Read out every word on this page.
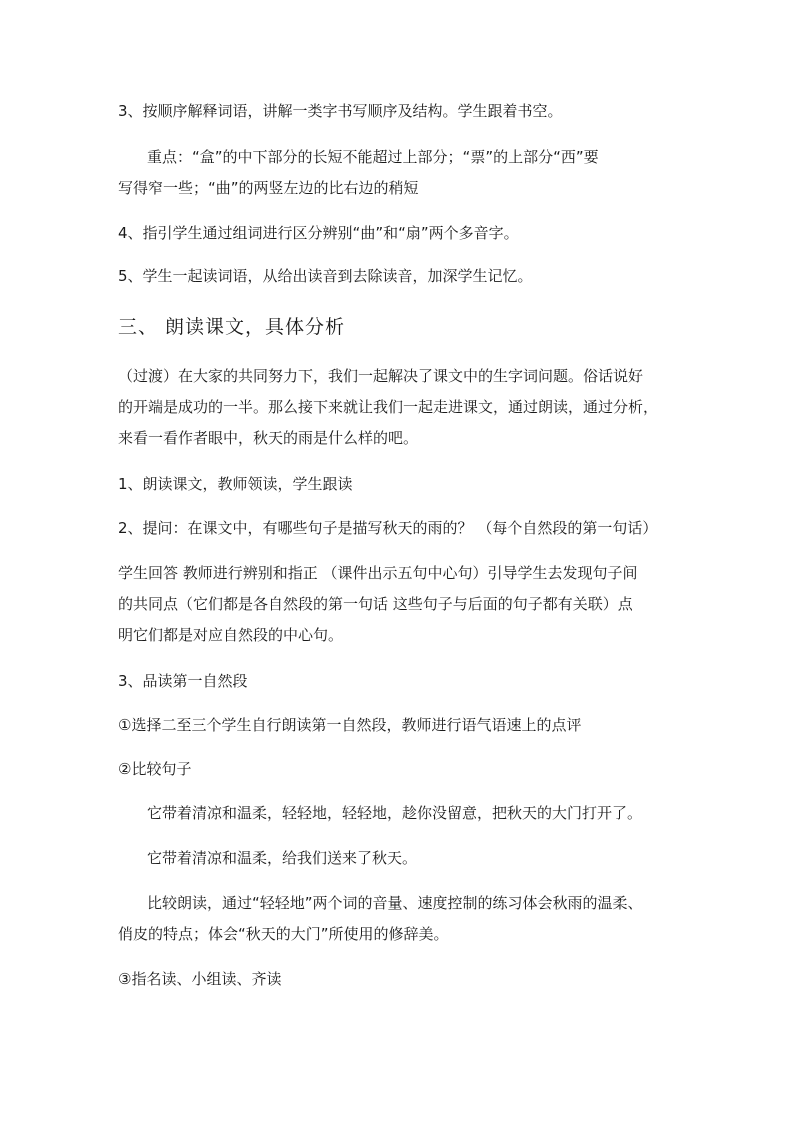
3、按顺序解释词语，讲解一类字书写顺序及结构。学生跟着书空。
重点：“盒”的中下部分的长短不能超过上部分；“票”的上部分“西”要
写得窄一些；“曲”的两竖左边的比右边的稍短
4、指引学生通过组词进行区分辨别“曲”和“扇”两个多音字。
5、学生一起读词语，从给出读音到去除读音，加深学生记忆。
三、 朗读课文，具体分析
（过渡）在大家的共同努力下，我们一起解决了课文中的生字词问题。俗话说好
的开端是成功的一半。那么接下来就让我们一起走进课文，通过朗读，通过分析，
来看一看作者眼中，秋天的雨是什么样的吧。
1、朗读课文，教师领读，学生跟读
2、提问：在课文中，有哪些句子是描写秋天的雨的？ （每个自然段的第一句话）
学生回答 教师进行辨别和指正 （课件出示五句中心句）引导学生去发现句子间
的共同点（它们都是各自然段的第一句话 这些句子与后面的句子都有关联）点
明它们都是对应自然段的中心句。
3、品读第一自然段
①选择二至三个学生自行朗读第一自然段，教师进行语气语速上的点评
②比较句子
它带着清凉和温柔，轻轻地，轻轻地，趁你没留意，把秋天的大门打开了。
它带着清凉和温柔，给我们送来了秋天。
比较朗读，通过“轻轻地”两个词的音量、速度控制的练习体会秋雨的温柔、
俏皮的特点；体会“秋天的大门”所使用的修辞美。
③指名读、小组读、齐读
